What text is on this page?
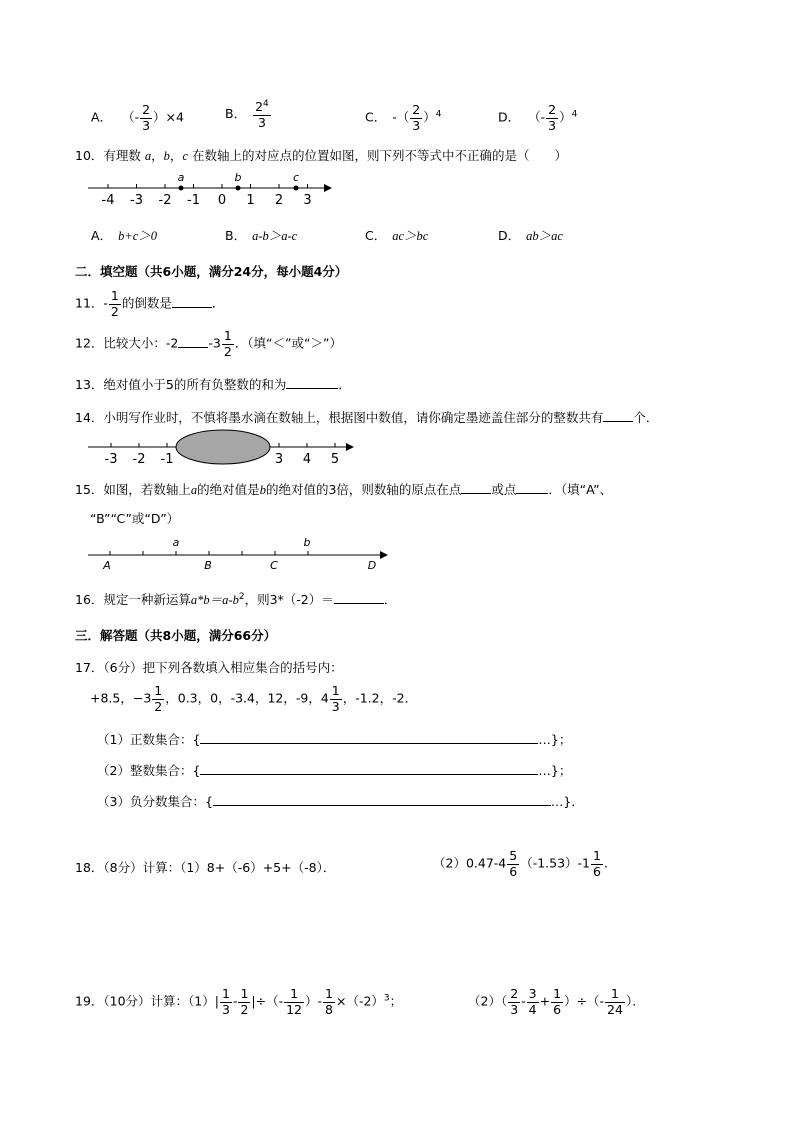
A． （- $\frac{2}{3} )\times 4$	B． $\frac{2^4}{3}$	C． -（ $\frac{2}{3} )^4$	D． （- $\frac{2}{3} )^4$
10．有理数 a，b，c 在数轴上的对应点的位置如图，则下列不等式中不正确的是（　　）
-4 -3 -2 -1 0 1 2 3
a	b	c
A． b+c＞0	B． a-b＞a-c	C． ac＞bc	D． ab＞ac
二．填空题（共6小题，满分24分，每小题4分）
11．- $\frac{1}{2}$ 的倒数是	．
12．比较大小：-2 $-3 \frac{1}{2}$ ．（填“＜”或“＞”）
13．绝对值小于5的所有负整数的和为	．
14．小明写作业时，不慎将墨水滴在数轴上，根据图中数值，请你确定墨迹盖住部分的整数共有 个．
-3 -2 -1	3 4 5
15．如图，若数轴上a的绝对值是b的绝对值的3倍，则数轴的原点在点 或点	．（填“A”、
“B”“C”或“D”）
a	b
A	B	C	D
16．规定一种新运算$a*b=a-b^2$，则3*（-2）＝	．
三．解答题（共8小题，满分66分）
17．（6分）把下列各数填入相应集合的括号内：
+8.5，$-3 \frac{1}{2}$ ，0.3，0，-3.4，12，-9，$4 \frac{1}{3}$ ，-1.2，-2．
（1）正数集合：{	…}；
（2）整数集合：{	…}；
（3）负分数集合：{	…}．
18．（8分）计算：（1）8+（-6）+5+（-8）．	$(2)0.47-4 \frac{5}{6} (-1.53)-1 \frac{1}{6}$ .
19．（10分）计算：$(1)| \frac{1}{3} - \frac{1}{2}$ |÷（- $\frac{1}{12}$ ）- $\frac{1}{8} \times(-2)^3$；	$(2)( \frac{2}{3} - \frac{3}{4} + \frac{1}{6}$ ）÷（- $\frac{1}{24}$ ）．
